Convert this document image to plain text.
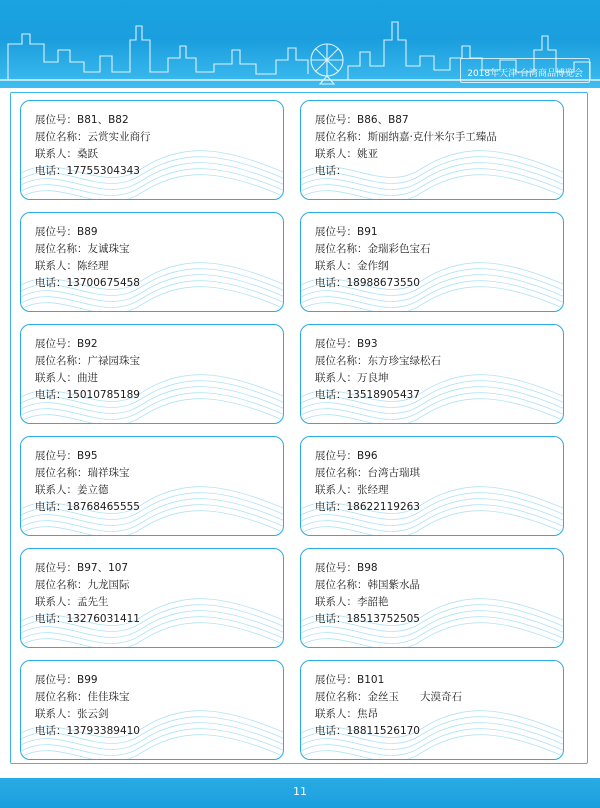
2018年天津·台湾商品博览会
展位号：B81、B82
展位名称：云赏实业商行
联系人：桑跃
电话：17755304343
展位号：B86、B87
展位名称：斯丽纳嘉·克什米尔手工臻品
联系人：姚亚
电话：
展位号：B89
展位名称：友诚珠宝
联系人：陈经理
电话：13700675458
展位号：B91
展位名称：金瑞彩色宝石
联系人：金作纲
电话：18988673550
展位号：B92
展位名称：广禄园珠宝
联系人：曲进
电话：15010785189
展位号：B93
展位名称：东方珍宝绿松石
联系人：万良坤
电话：13518905437
展位号：B95
展位名称：瑞祥珠宝
联系人：姜立德
电话：18768465555
展位号：B96
展位名称：台湾古瑞琪
联系人：张经理
电话：18622119263
展位号：B97、107
展位名称：九龙国际
联系人：孟先生
电话：13276031411
展位号：B98
展位名称：韩国紫水晶
联系人：李韶艳
电话：18513752505
展位号：B99
展位名称：佳佳珠宝
联系人：张云剑
电话：13793389410
展位号：B101
展位名称：金丝玉　　大漠奇石
联系人：焦昂
电话：18811526170
11
